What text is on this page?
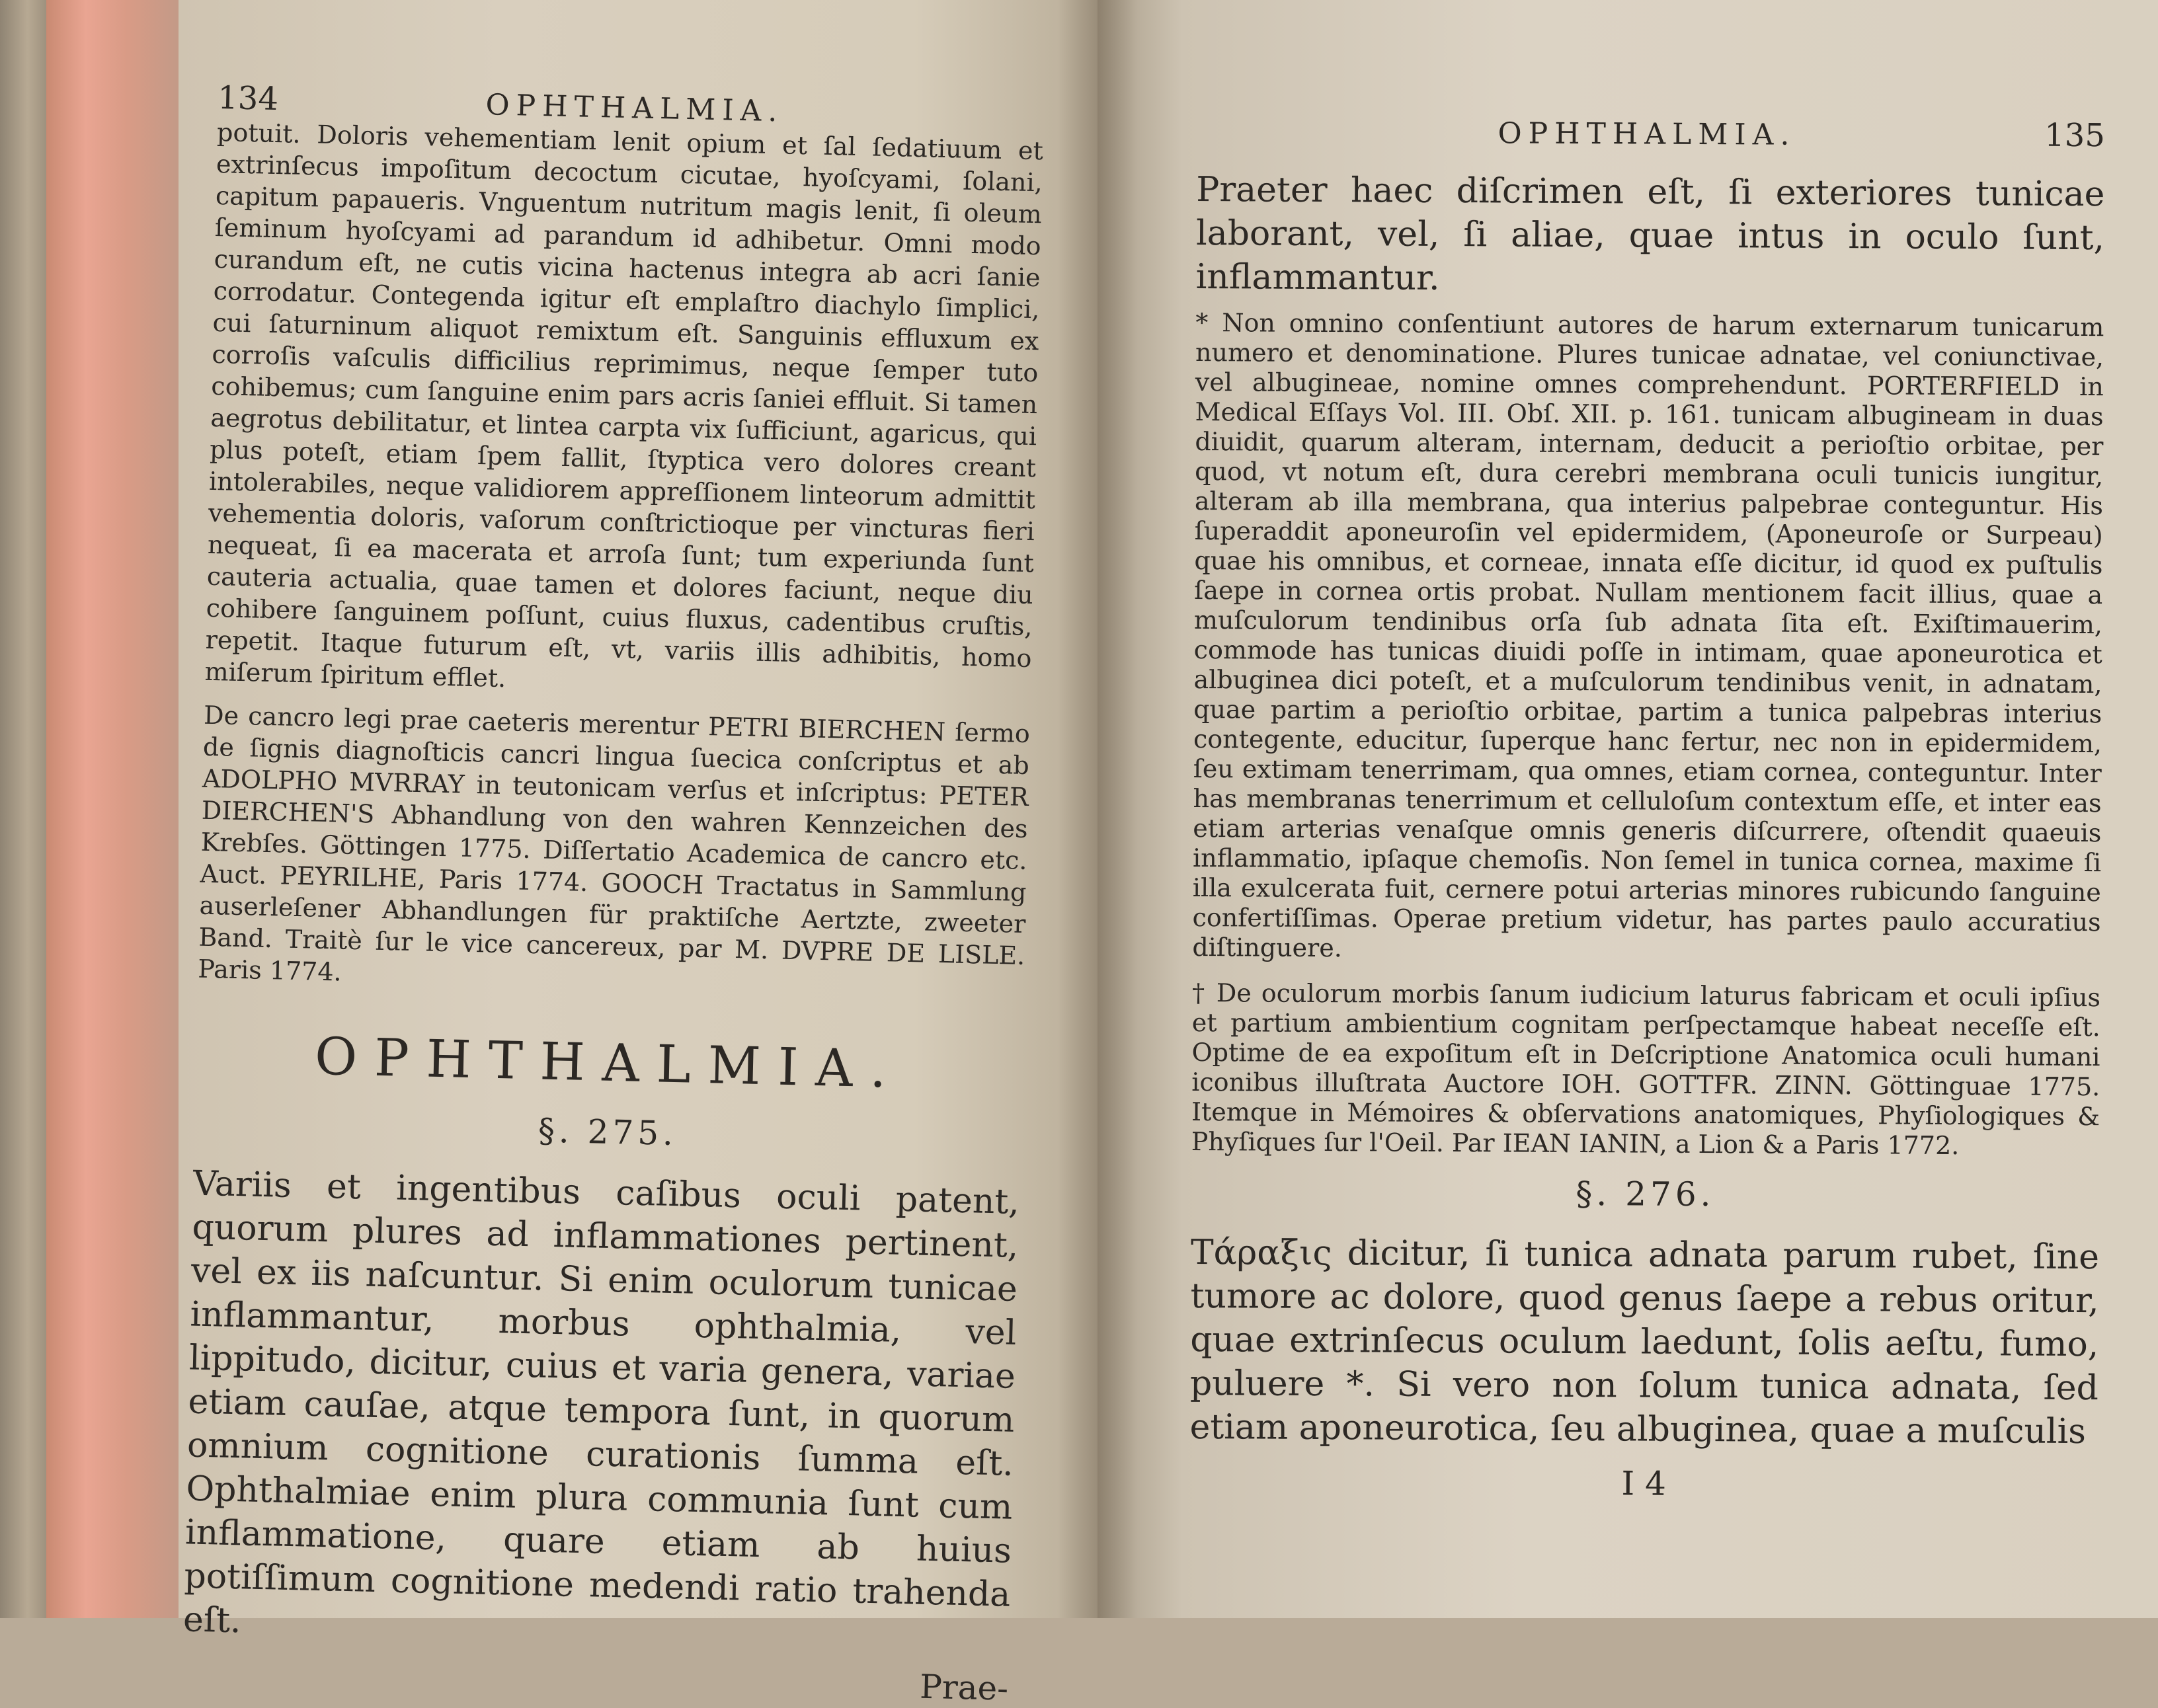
134	OPHTHALMIA.

potuit. Doloris vehementiam lenit opium et ſal ſedatiuum et extrinſecus impoſitum decoctum cicutae, hyoſcyami, ſolani, capitum papaueris. Vnguentum nutritum magis lenit, ſi oleum ſeminum hyoſcyami ad parandum id adhibetur. Omni modo curandum eſt, ne cutis vicina hactenus integra ab acri ſanie corrodatur. Contegenda igitur eſt emplaſtro diachylo ſimplici, cui ſaturninum aliquot remixtum eſt. Sanguinis effluxum ex corroſis vaſculis difficilius reprimimus, neque ſemper tuto cohibemus; cum ſanguine enim pars acris ſaniei effluit. Si tamen aegrotus debilitatur, et lintea carpta vix ſufficiunt, agaricus, qui plus poteſt, etiam ſpem fallit, ſtyptica vero dolores creant intolerabiles, neque validiorem appreſſionem linteorum admittit vehementia doloris, vaſorum conſtrictioque per vincturas fieri nequeat, ſi ea macerata et arroſa ſunt; tum experiunda ſunt cauteria actualia, quae tamen et dolores faciunt, neque diu cohibere ſanguinem poſſunt, cuius fluxus, cadentibus cruſtis, repetit. Itaque futurum eſt, vt, variis illis adhibitis, homo miſerum ſpiritum efflet.

De cancro legi prae caeteris merentur PETRI BIERCHEN ſermo de ſignis diagnoſticis cancri lingua ſuecica conſcriptus et ab ADOLPHO MVRRAY in teutonicam verſus et inſcriptus: PETER DIERCHEN'S Abhandlung von den wahren Kennzeichen des Krebſes. Göttingen 1775. Diſſertatio Academica de cancro etc. Auct. PEYRILHE, Paris 1774. GOOCH Tractatus in Sammlung auserleſener Abhandlungen für praktiſche Aertzte, zweeter Band. Traitè ſur le vice cancereux, par M. DVPRE DE LISLE. Paris 1774.

OPHTHALMIA.
§. 275.

Variis et ingentibus caſibus oculi patent, quorum plures ad inflammationes pertinent, vel ex iis naſcuntur. Si enim oculorum tunicae inflammantur, morbus ophthalmia, vel lippitudo, dicitur, cuius et varia genera, variae etiam cauſae, atque tempora ſunt, in quorum omnium cognitione curationis ſumma eſt. Ophthalmiae enim plura communia ſunt cum inflammatione, quare etiam ab huius potiſſimum cognitione medendi ratio trahenda eſt.

Prae-
OPHTHALMIA.	135

Praeter haec diſcrimen eſt, ſi exteriores tunicae laborant, vel, ſi aliae, quae intus in oculo ſunt, inflammantur.

* Non omnino conſentiunt autores de harum externarum tunicarum numero et denominatione. Plures tunicae adnatae, vel coniunctivae, vel albugineae, nomine omnes comprehendunt. PORTERFIELD in Medical Eſſays Vol. III. Obſ. XII. p. 161. tunicam albugineam in duas diuidit, quarum alteram, internam, deducit a perioſtio orbitae, per quod, vt notum eſt, dura cerebri membrana oculi tunicis iungitur, alteram ab illa membrana, qua interius palpebrae conteguntur. His ſuperaddit aponeuroſin vel epidermidem, (Aponeuroſe or Surpeau) quae his omnibus, et corneae, innata eſſe dicitur, id quod ex puſtulis ſaepe in cornea ortis probat. Nullam mentionem facit illius, quae a muſculorum tendinibus orſa ſub adnata ſita eſt. Exiſtimauerim, commode has tunicas diuidi poſſe in intimam, quae aponeurotica et albuginea dici poteſt, et a muſculorum tendinibus venit, in adnatam, quae partim a perioſtio orbitae, partim a tunica palpebras interius contegente, educitur, ſuperque hanc fertur, nec non in epidermidem, ſeu extimam tenerrimam, qua omnes, etiam cornea, conteguntur. Inter has membranas tenerrimum et celluloſum contextum eſſe, et inter eas etiam arterias venaſque omnis generis diſcurrere, oſtendit quaeuis inflammatio, ipſaque chemoſis. Non ſemel in tunica cornea, maxime ſi illa exulcerata fuit, cernere potui arterias minores rubicundo ſanguine confertiſſimas. Operae pretium videtur, has partes paulo accuratius diſtinguere.

† De oculorum morbis ſanum iudicium laturus fabricam et oculi ipſius et partium ambientium cognitam perſpectamque habeat neceſſe eſt. Optime de ea expoſitum eſt in Deſcriptione Anatomica oculi humani iconibus illuſtrata Auctore IOH. GOTTFR. ZINN. Göttinguae 1775. Itemque in Mémoires & obſervations anatomiques, Phyſiologiques & Phyſiques ſur l'Oeil. Par IEAN IANIN, a Lion & a Paris 1772.

§. 276.

Τάραξις dicitur, ſi tunica adnata parum rubet, ſine tumore ac dolore, quod genus ſaepe a rebus oritur, quae extrinſecus oculum laedunt, ſolis aeſtu, fumo, puluere *. Si vero non ſolum tunica adnata, ſed etiam aponeurotica, ſeu albuginea, quae a muſculis

I 4
